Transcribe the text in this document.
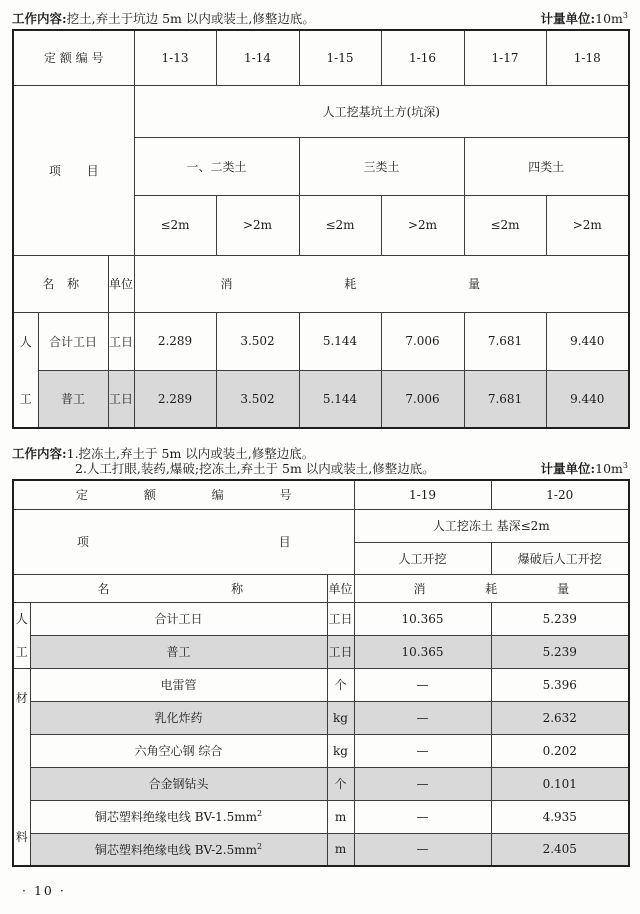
工作内容:挖土,弃土于坑边 5m 以内或装土,修整边底。	计量单位$:10m^3$
定 额 编 号			1-13	1-14	1-15	1-16	1-17	1-18
项 目			人工挖基坑土方(坑深)					
			一、二类土		三类土		四类土	
			≤2m	>2m	≤2m	>2m	≤2m	>2m
名 称		单位	消 耗 量					

人
工	合计工日	工日	2.289	3.502	5.144	7.006	7.681	9.440
	普工	工日	2.289	3.502	5.144	7.006	7.681	9.440
工作内容:1.挖冻土,弃土于 5m 以内或装土,修整边底。
2.人工打眼,装药,爆破;挖冻土,弃土于 5m 以内或装土,修整边底。	计量单位$:10m^3$
定 额 编 号			1-19	1-20
项 目			人工挖冻土 基深≤2m	
			人工开挖	爆破后人工开挖
名 称		单位	消 耗 量	

人
工	合计工日	工日	10.365	5.239
	普工	工日	10.365	5.239

材
料	电雷管	个	—	5.396
	乳化炸药	kg	—	2.632
	六角空心钢 综合	kg	—	0.202
	合金钢钻头	个	—	0.101
	铜芯塑料绝缘电线 $BV-1.5mm^2$	m	—	4.935
	铜芯塑料绝缘电线 $BV-2.5mm^2$	m	—	2.405
· 10 ·
